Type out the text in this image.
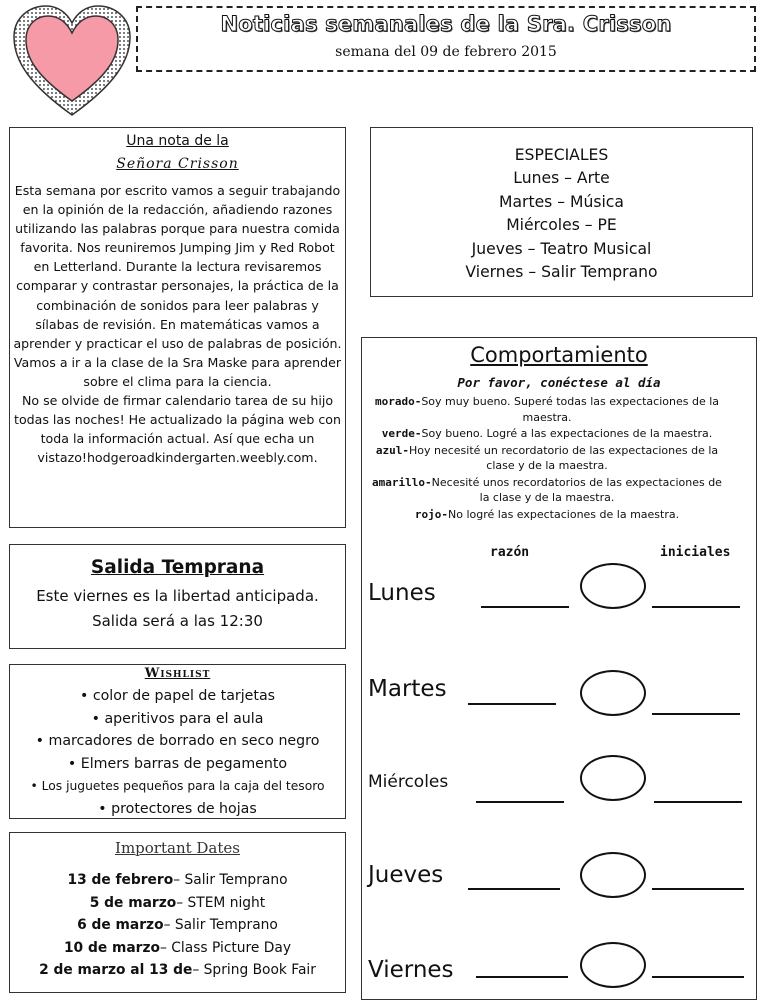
Noticias semanales de la Sra. Crisson
semana del 09 de febrero 2015
Una nota de la
Señora Crisson
Esta semana por escrito vamos a seguir trabajando en la opinión de la redacción, añadiendo razones utilizando las palabras porque para nuestra comida favorita. Nos reuniremos Jumping Jim y Red Robot en Letterland. Durante la lectura revisaremos comparar y contrastar personajes, la práctica de la combinación de sonidos para leer palabras y sílabas de revisión. En matemáticas vamos a aprender y practicar el uso de palabras de posición. Vamos a ir a la clase de la Sra Maske para aprender sobre el clima para la ciencia.
No se olvide de firmar calendario tarea de su hijo todas las noches! He actualizado la página web con toda la información actual. Así que echa un vistazo!hodgeroadkindergarten.weebly.com.
Salida Temprana
Este viernes es la libertad anticipada.
Salida será a las 12:30
Wishlist
• color de papel de tarjetas
• aperitivos para el aula
• marcadores de borrado en seco negro
• Elmers barras de pegamento
• Los juguetes pequeños para la caja del tesoro
• protectores de hojas
Important Dates
13 de febrero– Salir Temprano
5 de marzo– STEM night
6 de marzo– Salir Temprano
10 de marzo– Class Picture Day
2 de marzo al 13 de– Spring Book Fair
ESPECIALES
Lunes – Arte
Martes – Música
Miércoles – PE
Jueves – Teatro Musical
Viernes – Salir Temprano
Comportamiento
Por favor, conéctese al día
morado-Soy muy bueno. Superé todas las expectaciones de la maestra.
verde-Soy bueno. Logré a las expectaciones de la maestra.
azul-Hoy necesité un recordatorio de las expectaciones de la clase y de la maestra.
amarillo-Necesité unos recordatorios de las expectaciones de la clase y de la maestra.
rojo-No logré las expectaciones de la maestra.
razón	iniciales
Lunes
Martes
Miércoles
Jueves
Viernes
